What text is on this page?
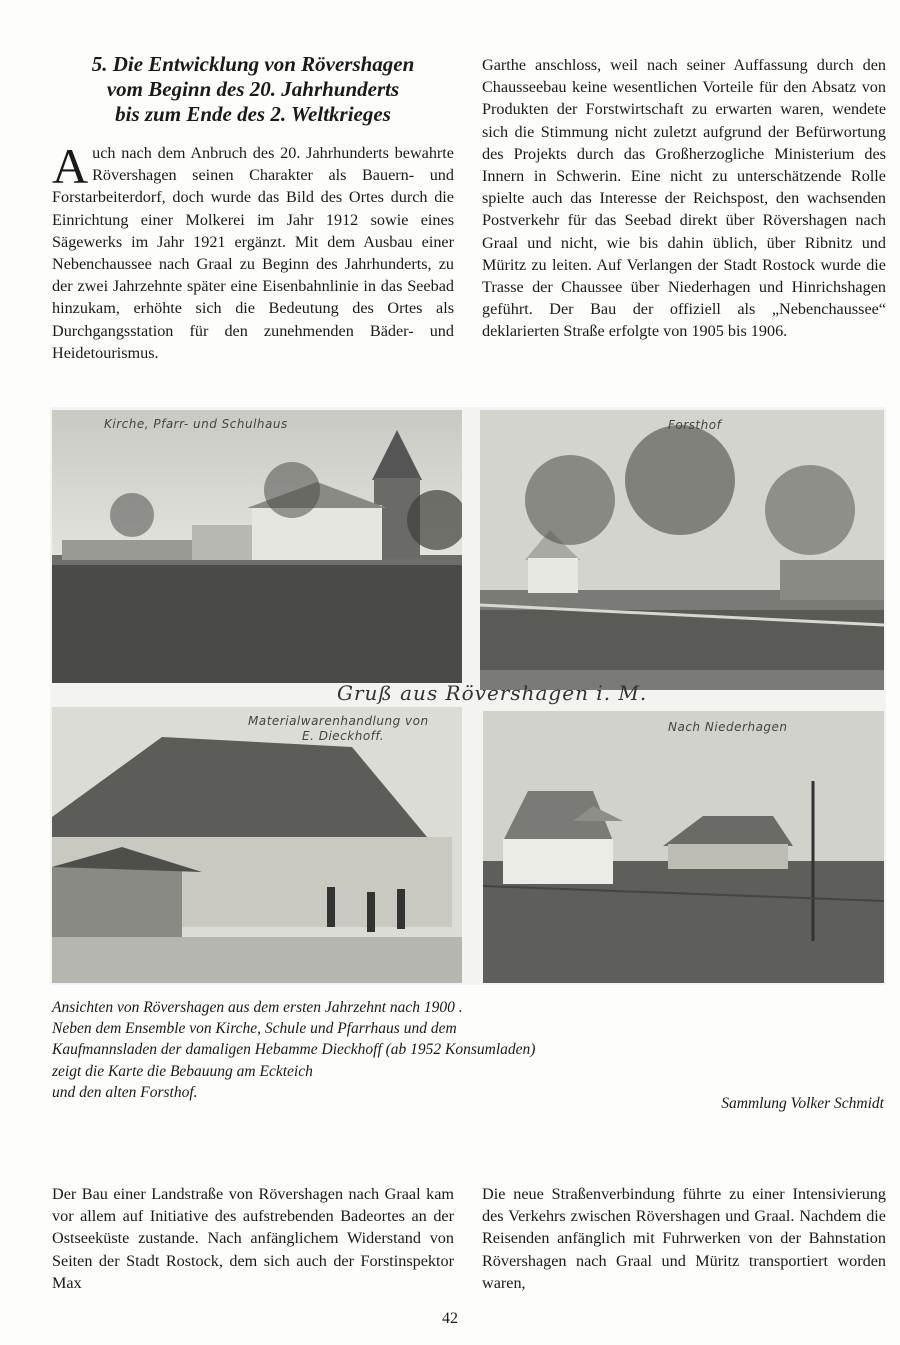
5. Die Entwicklung von Rövershagen
vom Beginn des 20. Jahrhunderts
bis zum Ende des 2. Weltkrieges

Auch nach dem Anbruch des 20. Jahrhunderts bewahrte Rövershagen seinen Charakter als Bauern- und Forstarbeiterdorf, doch wurde das Bild des Ortes durch die Einrichtung einer Molkerei im Jahr 1912 sowie eines Sägewerks im Jahr 1921 ergänzt. Mit dem Ausbau einer Nebenchaussee nach Graal zu Beginn des Jahrhunderts, zu der zwei Jahrzehnte später eine Eisenbahnlinie in das Seebad hinzukam, erhöhte sich die Bedeutung des Ortes als Durchgangsstation für den zunehmenden Bäder- und Heidetourismus.

Garthe anschloss, weil nach seiner Auffassung durch den Chausseebau keine wesentlichen Vorteile für den Absatz von Produkten der Forstwirtschaft zu erwarten waren, wendete sich die Stimmung nicht zuletzt aufgrund der Befürwortung des Projekts durch das Großherzogliche Ministerium des Innern in Schwerin. Eine nicht zu unterschätzende Rolle spielte auch das Interesse der Reichspost, den wachsenden Postverkehr für das Seebad direkt über Rövershagen nach Graal und nicht, wie bis dahin üblich, über Ribnitz und Müritz zu leiten. Auf Verlangen der Stadt Rostock wurde die Trasse der Chaussee über Niederhagen und Hinrichshagen geführt. Der Bau der offiziell als „Nebenchaussee“ deklarierten Straße erfolgte von 1905 bis 1906.

Kirche, Pfarr- und Schulhaus	Forsthof
Gruß aus Rövershagen i. M.
Materialwarenhandlung von
E. Dieckhoff.
Nach Niederhagen
Ansichten von Rövershagen aus dem ersten Jahrzehnt nach 1900 .
Neben dem Ensemble von Kirche, Schule und Pfarrhaus und dem
Kaufmannsladen der damaligen Hebamme Dieckhoff (ab 1952 Konsumladen)
zeigt die Karte die Bebauung am Eckteich
und den alten Forsthof.
Sammlung Volker Schmidt

Der Bau einer Landstraße von Rövershagen nach Graal kam vor allem auf Initiative des aufstrebenden Badeortes an der Ostseeküste zustande. Nach anfänglichem Widerstand von Seiten der Stadt Rostock, dem sich auch der Forstinspektor Max

Die neue Straßenverbindung führte zu einer Intensivierung des Verkehrs zwischen Rövershagen und Graal. Nachdem die Reisenden anfänglich mit Fuhrwerken von der Bahnstation Rövershagen nach Graal und Müritz transportiert worden waren,

42
